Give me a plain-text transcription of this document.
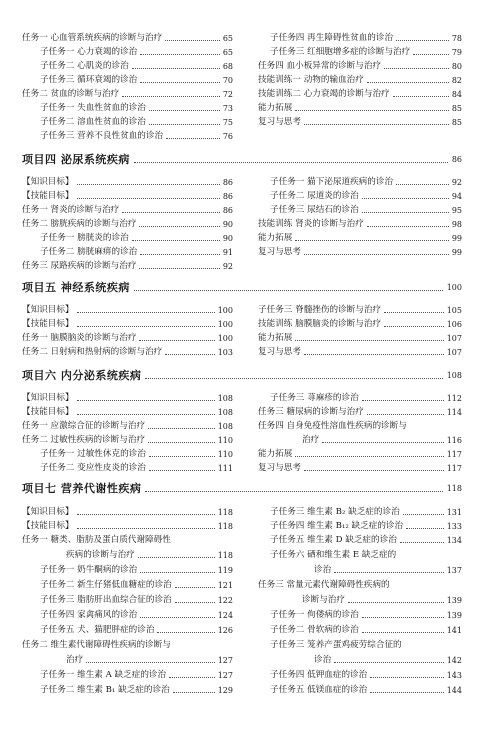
任务一 心血管系统疾病的诊断与治疗	65
子任务一 心力衰竭的诊治	65
子任务二 心肌炎的诊治	68
子任务三 循环衰竭的诊治	70
任务二 贫血的诊断与治疗	72
子任务一 失血性贫血的诊治	73
子任务二 溶血性贫血的诊治	75
子任务三 营养不良性贫血的诊治	76
【知识目标】	86
【技能目标】	86
任务一 肾炎的诊断与治疗	86
任务二 膀胱疾病的诊断与治疗	90
子任务一 膀胱炎的诊治	90
子任务二 膀胱麻痹的诊治	91
任务三 尿路疾病的诊断与治疗	92
【知识目标】	100
【技能目标】	100
任务一 脑膜脑炎的诊断与治疗	100
任务二 日射病和热射病的诊断与治疗	103
【知识目标】	108
【技能目标】	108
任务一 应激综合征的诊断与治疗	108
任务二 过敏性疾病的诊断与治疗	110
子任务一 过敏性休克的诊治	110
子任务二 变应性皮炎的诊治	111
【知识目标】	118
【技能目标】	118
任务一 糖类、脂肪及蛋白质代谢障碍性
疾病的诊断与治疗	118
子任务一 奶牛酮病的诊治	119
子任务二 新生仔猪低血糖症的诊治	121
子任务三 脂肪肝出血综合征的诊治	122
子任务四 家禽痛风的诊治	124
子任务五 犬、猫肥胖症的诊治	126
任务二 维生素代谢障碍性疾病的诊断与
治疗	127
子任务一 维生素 A 缺乏症的诊治	127
子任务二 维生素 B₁ 缺乏症的诊治	129
子任务四 再生障碍性贫血的诊治	78
子任务三 红细胞增多症的诊断与治疗	79
任务四 血小板异常的诊断与治疗	80
技能训练一 动物的输血治疗	82
技能训练二 心力衰竭的诊断与治疗	84
能力拓展	85
复习与思考	85
子任务一 猫下泌尿道疾病的诊治	92
子任务二 尿道炎的诊治	94
子任务三 尿结石的诊治	95
技能训练 肾炎的诊断与治疗	98
能力拓展	99
复习与思考	99
子任务三 脊髓挫伤的诊断与治疗	105
技能训练 脑膜脑炎的诊断与治疗	106
能力拓展	107
复习与思考	107
子任务三 荨麻疹的诊治	112
任务三 糖尿病的诊断与治疗	114
任务四 自身免疫性溶血性疾病的诊断与
治疗	116
能力拓展	117
复习与思考	117
子任务三 维生素 B₂ 缺乏症的诊治	131
子任务四 维生素 B₁₂ 缺乏症的诊治	133
子任务五 维生素 D 缺乏症的诊治	134
子任务六 硒和维生素 E 缺乏症的
诊治	137
任务三 常量元素代谢障碍性疾病的
诊断与治疗	139
子任务一 佝偻病的诊治	139
子任务二 骨软病的诊治	141
子任务三 笼养产蛋鸡疲劳综合征的
诊治	142
子任务四 低钾血症的诊治	143
子任务五 低镁血症的诊治	144
项目四 泌尿系统疾病	86
项目五 神经系统疾病	100
项目六 内分泌系统疾病	108
项目七 营养代谢性疾病	118
